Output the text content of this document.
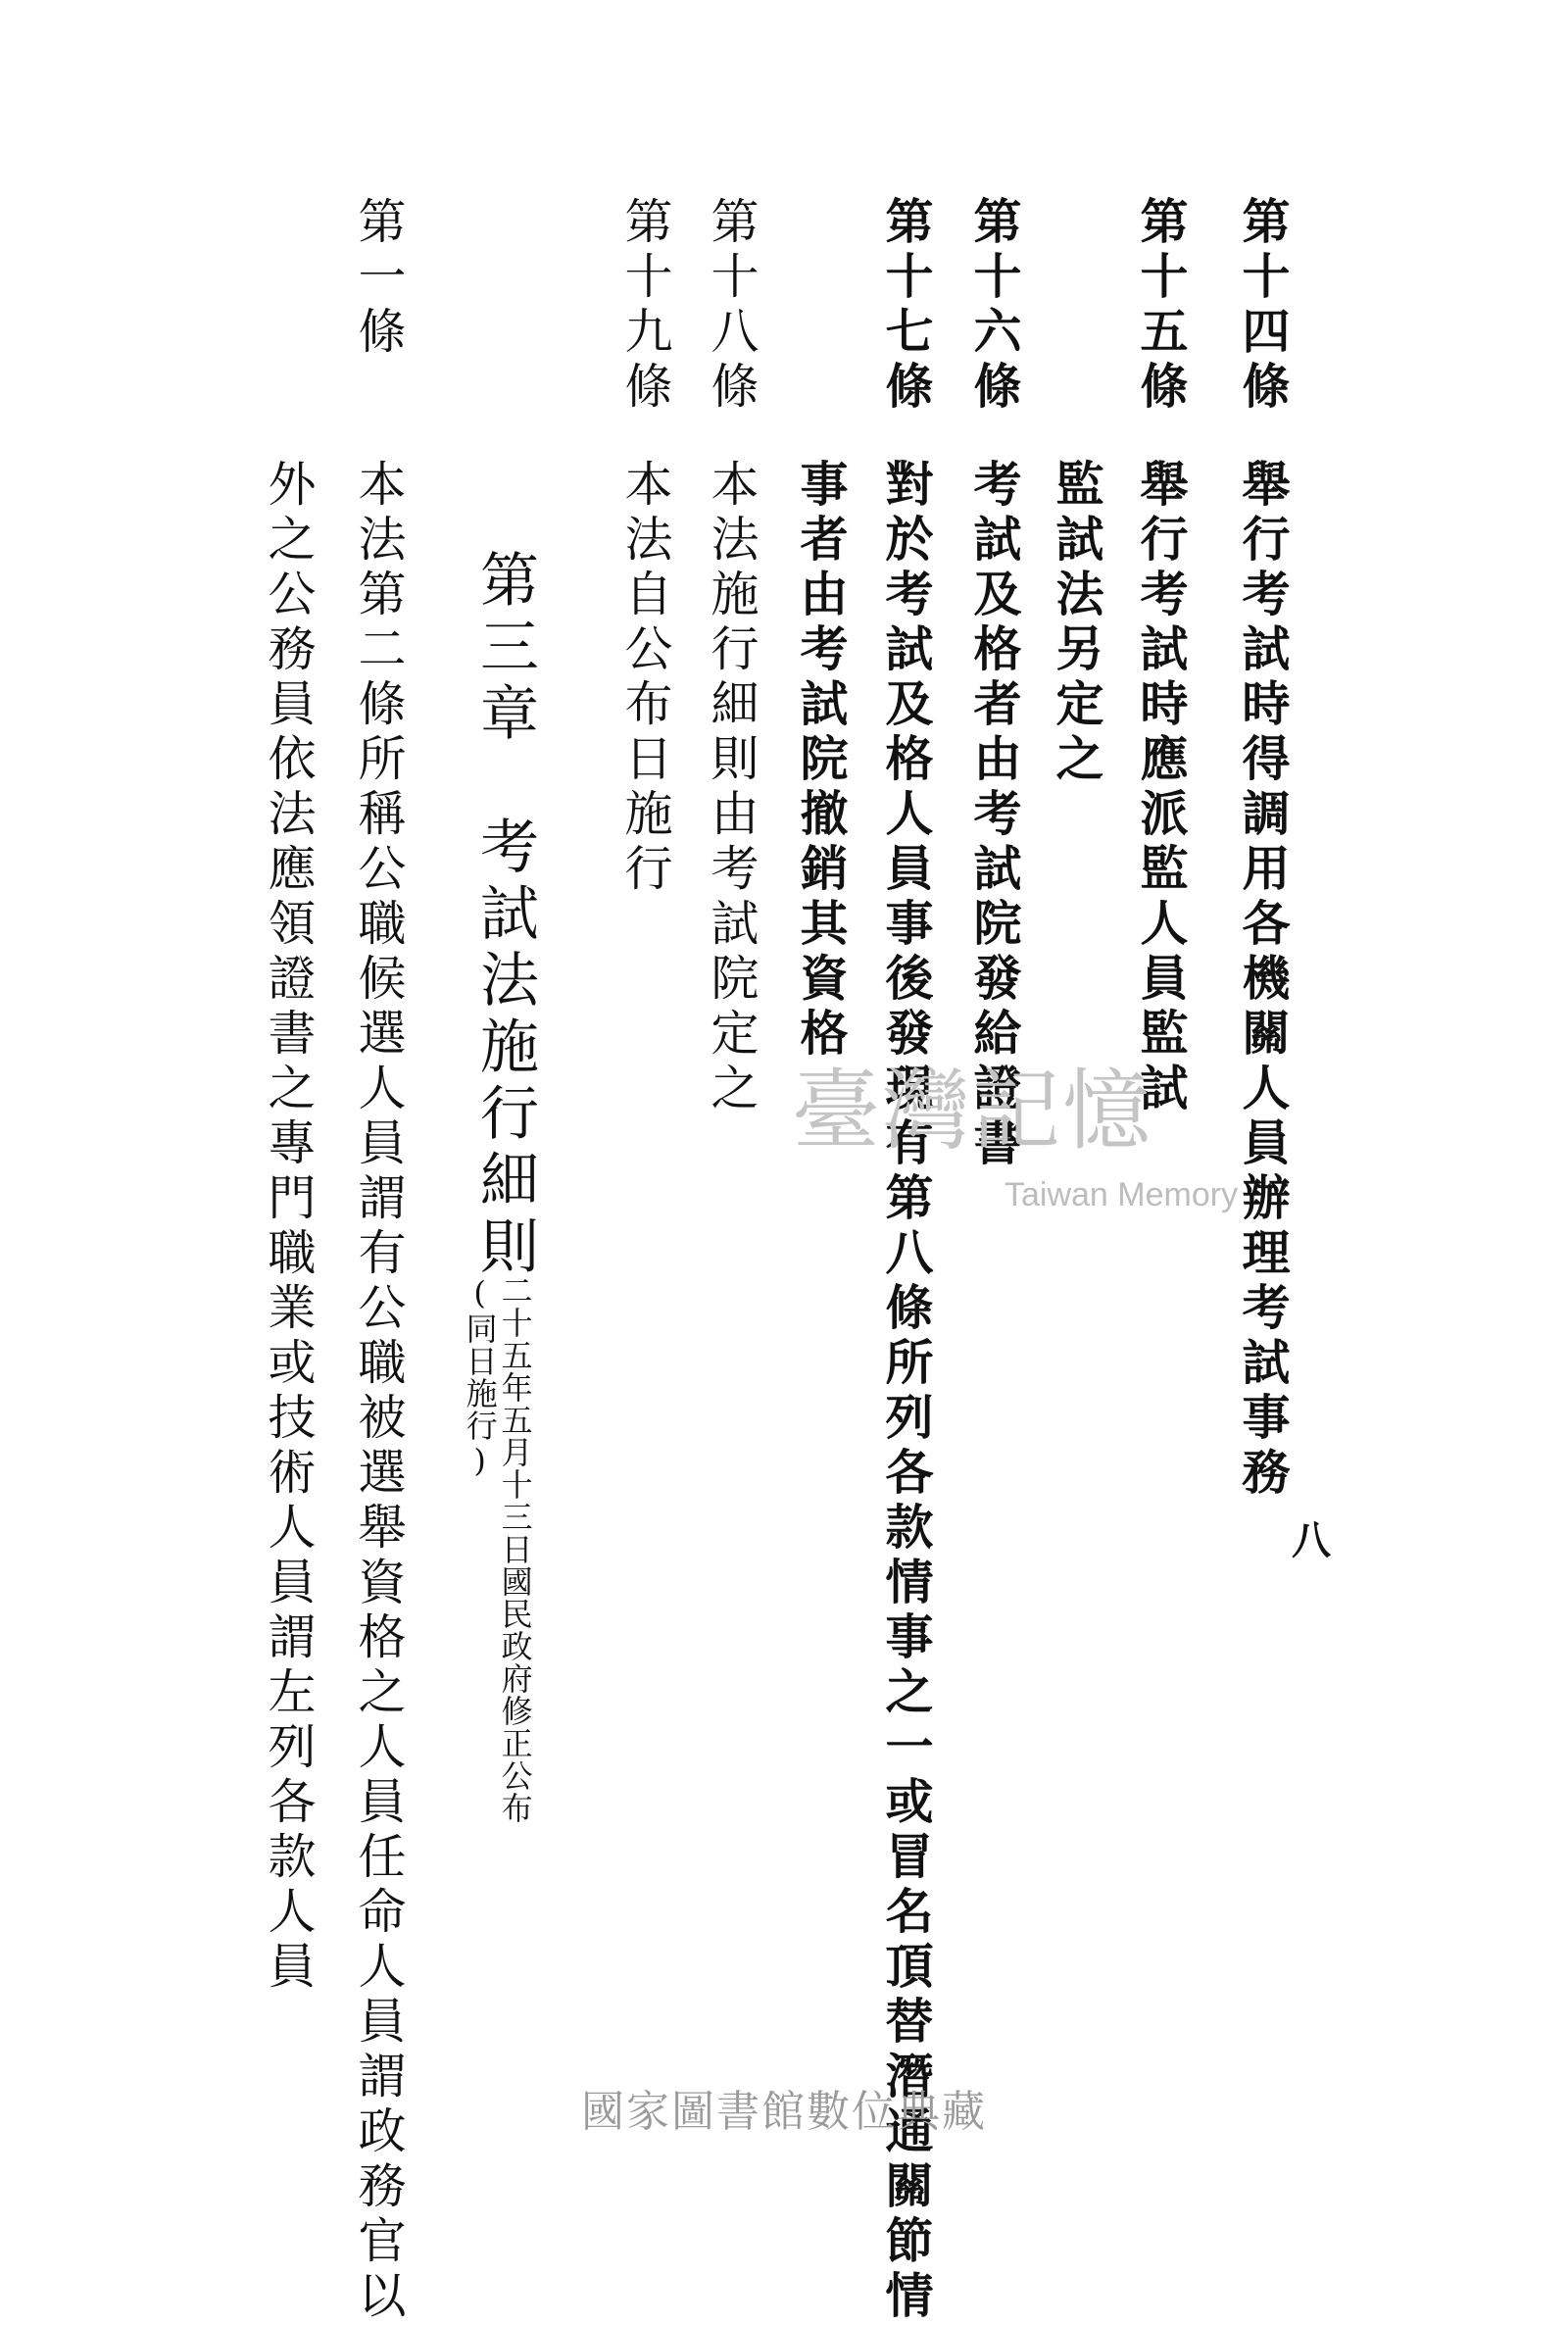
八
第十四條
舉行考試時得調用各機關人員辦理考試事務
第十五條
舉行考試時應派監人員監試
監試法另定之
第十六條
考試及格者由考試院發給證書
第十七條
對於考試及格人員事後發現有第八條所列各款情事之一或冒名頂替潛通關節情
事者由考試院撤銷其資格
第十八條
本法施行細則由考試院定之
第十九條
本法自公布日施行
第三章　考試法施行細則
二十五年五月十三日國民政府修正公布
(同日施行)
第一條
本法第二條所稱公職候選人員謂有公職被選舉資格之人員任命人員謂政務官以
外之公務員依法應領證書之專門職業或技術人員謂左列各款人員	臺灣記憶
Taiwan Memory
國家圖書館數位典藏
